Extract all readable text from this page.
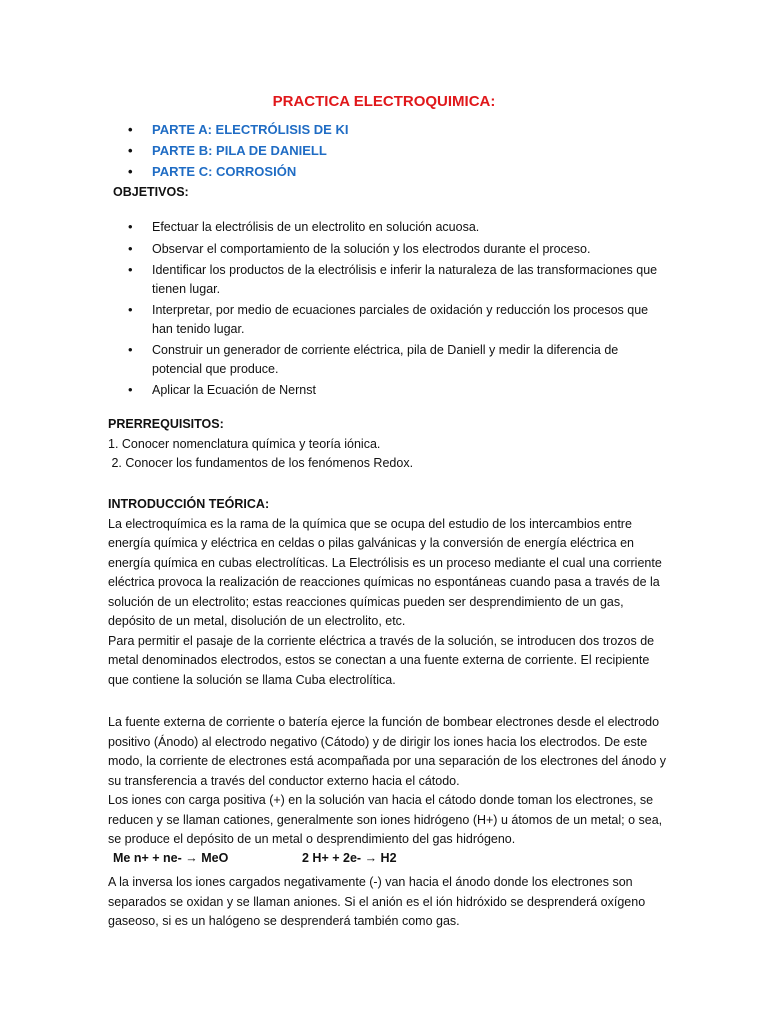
PRACTICA ELECTROQUIMICA:
• PARTE A: ELECTRÓLISIS DE KI
• PARTE B: PILA DE DANIELL
• PARTE C: CORROSIÓN
OBJETIVOS:
• Efectuar la electrólisis de un electrolito en solución acuosa.
• Observar el comportamiento de la solución y los electrodos durante el proceso.
• Identificar los productos de la electrólisis e inferir la naturaleza de las transformaciones que tienen lugar.
• Interpretar, por medio de ecuaciones parciales de oxidación y reducción los procesos que han tenido lugar.
• Construir un generador de corriente eléctrica, pila de Daniell y medir la diferencia de potencial que produce.
• Aplicar la Ecuación de Nernst

PRERREQUISITOS:

1. Conocer nomenclatura química y teoría iónica.

2. Conocer los fundamentos de los fenómenos Redox.

INTRODUCCIÓN TEÓRICA:

La electroquímica es la rama de la química que se ocupa del estudio de los intercambios entre energía química y eléctrica en celdas o pilas galvánicas y la conversión de energía eléctrica en energía química en cubas electrolíticas. La Electrólisis es un proceso mediante el cual una corriente eléctrica provoca la realización de reacciones químicas no espontáneas cuando pasa a través de la solución de un electrolito; estas reacciones químicas pueden ser desprendimiento de un gas, depósito de un metal, disolución de un electrolito, etc.

Para permitir el pasaje de la corriente eléctrica a través de la solución, se introducen dos trozos de metal denominados electrodos, estos se conectan a una fuente externa de corriente. El recipiente que contiene la solución se llama Cuba electrolítica.

La fuente externa de corriente o batería ejerce la función de bombear electrones desde el electrodo positivo (Ánodo) al electrodo negativo (Cátodo) y de dirigir los iones hacia los electrodos. De este modo, la corriente de electrones está acompañada por una separación de los electrones del ánodo y su transferencia a través del conductor externo hacia el cátodo.

Los iones con carga positiva (+) en la solución van hacia el cátodo donde toman los electrones, se reducen y se llaman cationes, generalmente son iones hidrógeno (H+) u átomos de un metal; o sea, se produce el depósito de un metal o desprendimiento del gas hidrógeno.

Me n+ + ne- → MeO	2 H+ + 2e- → H2

A la inversa los iones cargados negativamente (-) van hacia el ánodo donde los electrones son separados se oxidan y se llaman aniones. Si el anión es el ión hidróxido se desprenderá oxígeno gaseoso, si es un halógeno se desprenderá también como gas.
